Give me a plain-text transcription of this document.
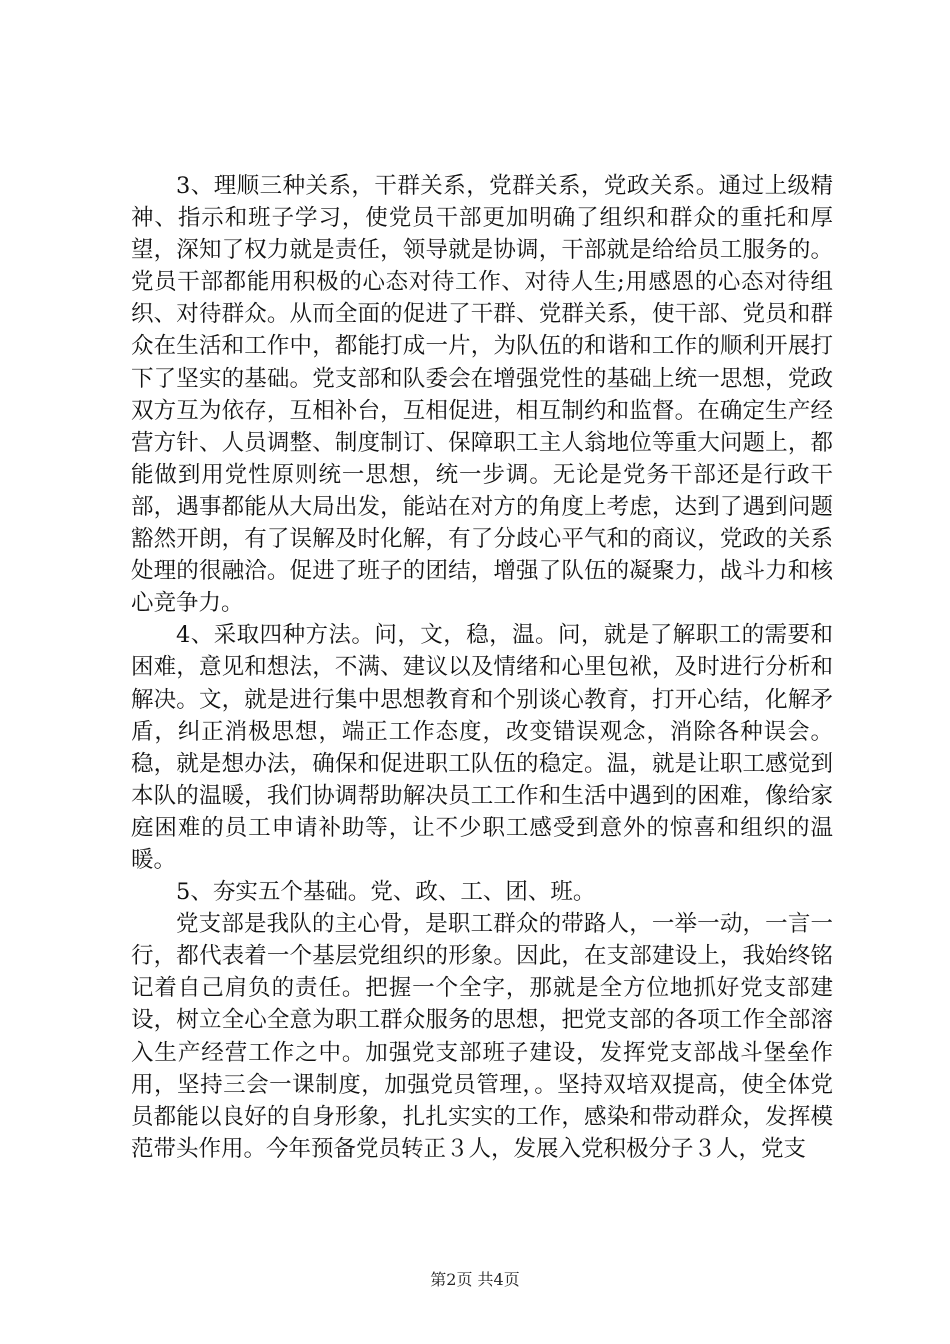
3、理顺三种关系，干群关系，党群关系，党政关系。通过上级精神、指示和班子学习，使党员干部更加明确了组织和群众的重托和厚望，深知了权力就是责任，领导就是协调，干部就是给给员工服务的。党员干部都能用积极的心态对待工作、对待人生;用感恩的心态对待组织、对待群众。从而全面的促进了干群、党群关系，使干部、党员和群众在生活和工作中，都能打成一片，为队伍的和谐和工作的顺利开展打下了坚实的基础。党支部和队委会在增强党性的基础上统一思想，党政双方互为依存，互相补台，互相促进，相互制约和监督。在确定生产经营方针、人员调整、制度制订、保障职工主人翁地位等重大问题上，都能做到用党性原则统一思想，统一步调。无论是党务干部还是行政干部，遇事都能从大局出发，能站在对方的角度上考虑，达到了遇到问题豁然开朗，有了误解及时化解，有了分歧心平气和的商议，党政的关系处理的很融洽。促进了班子的团结，增强了队伍的凝聚力，战斗力和核心竞争力。

4、采取四种方法。问，文，稳，温。问，就是了解职工的需要和困难，意见和想法，不满、建议以及情绪和心里包袱，及时进行分析和解决。文，就是进行集中思想教育和个别谈心教育，打开心结，化解矛盾，纠正消极思想，端正工作态度，改变错误观念，消除各种误会。稳，就是想办法，确保和促进职工队伍的稳定。温，就是让职工感觉到本队的温暖，我们协调帮助解决员工工作和生活中遇到的困难，像给家庭困难的员工申请补助等，让不少职工感受到意外的惊喜和组织的温暖。

5、夯实五个基础。党、政、工、团、班。

党支部是我队的主心骨，是职工群众的带路人，一举一动，一言一行，都代表着一个基层党组织的形象。因此，在支部建设上，我始终铭记着自己肩负的责任。把握一个全字，那就是全方位地抓好党支部建设，树立全心全意为职工群众服务的思想，把党支部的各项工作全部溶入生产经营工作之中。加强党支部班子建设，发挥党支部战斗堡垒作用，坚持三会一课制度，加强党员管理，。坚持双培双提高，使全体党员都能以良好的自身形象，扎扎实实的工作，感染和带动群众，发挥模范带头作用。今年预备党员转正３人，发展入党积极分子３人，党支

第2页 共4页
